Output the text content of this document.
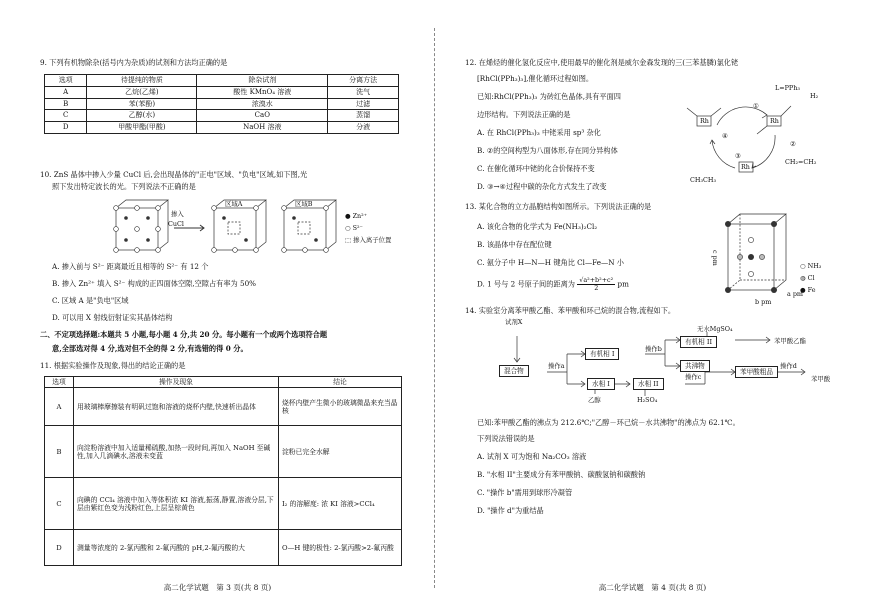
9. 下列有机物除杂(括号内为杂质)的试剂和方法均正确的是
选项	待提纯的物质	除杂试剂	分离方法
A	乙烷(乙烯)	酸性 KMnO₄ 溶液	洗气
B	苯(苯酚)	浓溴水	过滤
C	乙醇(水)	CaO	蒸馏
D	甲酸甲酯(甲酸)	NaOH 溶液	分液
10. ZnS 晶体中掺入少量 CuCl 后,会出现晶体的"正电"区域、"负电"区域,如下图,光
照下发出特定波长的光。下列说法不正确的是
掺入
CuCl
区域A	区域B
● Zn²⁺
○ S²⁻
⬚ 掺入离子位置
A. 掺入前与 S²⁻ 距离最近且相等的 S²⁻ 有 12 个
B. 掺入 Zn²⁺ 填入 S²⁻ 构成的正四面体空隙,空隙占有率为 50%
C. 区域 A 是"负电"区域
D. 可以用 X 射线衍射证实其晶体结构
二、不定项选择题:本题共 5 小题,每小题 4 分,共 20 分。每小题有一个或两个选项符合题
意,全部选对得 4 分,选对但不全的得 2 分,有选错的得 0 分。
11. 根据实验操作及现象,得出的结论正确的是
选项	操作及现象	结论
A	用玻璃棒摩擦装有明矾过饱和溶液的烧杯内壁,快速析出晶体	烧杯内壁产生微小的玻璃微晶来充当晶核
B	向淀粉溶液中加入适量稀硫酸,加热一段时间,再加入 NaOH 至碱性,加入几滴碘水,溶液未变蓝	淀粉已完全水解
C	向碘的 CCl₄ 溶液中加入等体积浓 KI 溶液,振荡,静置,溶液分层,下层由紫红色变为浅粉红色,上层呈棕黄色	I₂ 的溶解度: 浓 KI 溶液>CCl₄
D	测量等浓度的 2-氯丙酸和 2-氟丙酸的 pH,2-氟丙酸的大	O—H 键的极性: 2-氯丙酸>2-氟丙酸
高二化学试题　第 3 页(共 8 页)
12. 在烯烃的催化氢化反应中,使用最早的催化剂是威尔金森发现的三(三苯基膦)氯化铑
[RhCl(PPh₃)₃],催化循环过程如图。
已知:RhCl(PPh₃)₃ 为砖红色晶体,具有平面四
边形结构。下列说法正确的是
A. 在 RhCl(PPh₃)₃ 中铑采用 sp³ 杂化
B. ②的空间构型为八面体形,存在同分异构体
C. 在催化循环中铑的化合价保持不变
D. ③→④过程中碳的杂化方式发生了改变
Rh	Rh
Rh
①
②
③
④
H₂
CH₂=CH₂
CH₃CH₃
L=PPh₃
13. 某化合物的立方晶胞结构如图所示。下列说法正确的是
A. 该化合物的化学式为 Fe(NH₃)₂Cl₂
B. 该晶体中存在配位键
C. 氨分子中 H—N—H 键角比 Cl—Fe—N 小
D. 1 号与 2 号原子间的距离为 $\frac{\text{√a²+b²+c²}}{2}$ pm
c pm
b pm
a pm
○ NH₃
◍ Cl
● Fe
14. 实验室分离苯甲酸乙酯、苯甲酸和环己烷的混合物,流程如下。
试剂X
混合物
操作a
有机相 I
水相 I
操作b
无水MgSO₄
有机相 II
共沸物
苯甲酸乙酯
乙醇
水相 II
H₂SO₄
操作c
苯甲酸粗品
操作d
苯甲酸
已知:苯甲酸乙酯的沸点为 212.6℃;"乙醇－环己烷－水共沸物"的沸点为 62.1℃。
下列说法错误的是
A. 试剂 X 可为饱和 Na₂CO₃ 溶液
B. "水相 II"主要成分有苯甲酸钠、碳酸氢钠和碳酸钠
C. "操作 b"需用到球形冷凝管
D. "操作 d"为重结晶
高二化学试题　第 4 页(共 8 页)
